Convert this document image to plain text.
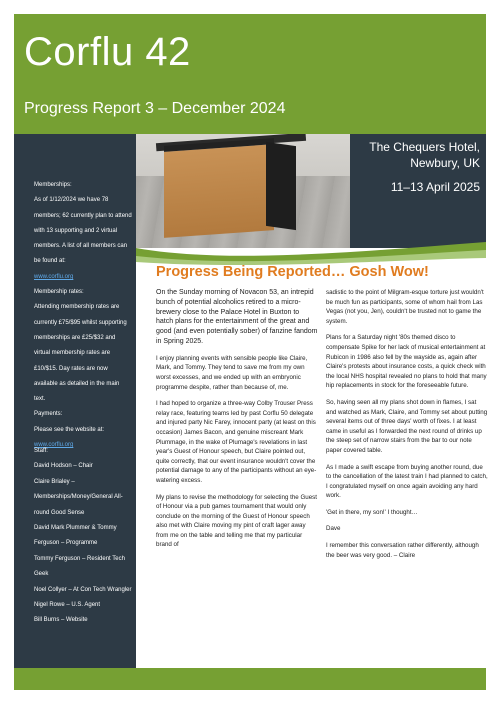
Corflu 42
Progress Report 3 – December 2024
The Chequers Hotel,
Newbury, UK
11–13 April 2025

Memberships:

As of 1/12/2024 we have 78 members; 62 currently plan to attend with 13 supporting and 2 virtual members. A list of all members can be found at:

www.corflu.org

Membership rates:

Attending membership rates are currently £75/$95 whilst supporting memberships are £25/$32 and virtual membership rates are £10/$15. Day rates are now available as detailed in the main text.

Payments:

Please see the website at:

www.corflu.org

Staff:

David Hodson – Chair

Claire Brialey – Memberships/Money/General All-round Good Sense

David Mark Plummer & Tommy Ferguson – Programme

Tommy Ferguson – Resident Tech Geek

Noel Collyer – At Con Tech Wrangler

Nigel Rowe – U.S. Agent

Bill Burns – Website

Progress Being Reported… Gosh Wow!

On the Sunday morning of Novacon 53, an intrepid bunch of potential alcoholics retired to a micro-brewery close to the Palace Hotel in Buxton to hatch plans for the entertainment of the great and good (and even potentially sober) of fanzine fandom in Spring 2025.

I enjoy planning events with sensible people like Claire, Mark, and Tommy. They tend to save me from my own worst excesses, and we ended up with an embryonic programme despite, rather than because of, me.

I had hoped to organize a three-way Colby Trouser Press relay race, featuring teams led by past Corflu 50 delegate and injured party Nic Farey, innocent party (at least on this occasion) James Bacon, and genuine miscreant Mark Plummage, in the wake of Plumage's revelations in last year's Guest of Honour speech, but Claire pointed out, quite correctly, that our event insurance wouldn't cover the potential damage to any of the participants without an eye-watering excess.

My plans to revise the methodology for selecting the Guest of Honour via a pub games tournament that would only conclude on the morning of the Guest of Honour speech also met with Claire moving my pint of craft lager away from me on the table and telling me that my particular brand of

sadistic to the point of Milgram-esque torture just wouldn't be much fun as participants, some of whom hail from Las Vegas (not you, Jen), couldn't be trusted not to game the system.

Plans for a Saturday night '80s themed disco to compensate Spike for her lack of musical entertainment at Rubicon in 1986 also fell by the wayside as, again after Claire's protests about insurance costs, a quick check with the local NHS hospital revealed no plans to hold that many hip replacements in stock for the foreseeable future.

So, having seen all my plans shot down in flames, I sat and watched as Mark, Claire, and Tommy set about putting several items out of three days' worth of fixes. I at least came in useful as I forwarded the next round of drinks up the steep set of narrow stairs from the bar to our note paper covered table.

As I made a swift escape from buying another round, due to the cancellation of the latest train I had planned to catch, I congratulated myself on once again avoiding any hard work.

'Get in there, my son!' I thought…

Dave

I remember this conversation rather differently, although the beer was very good. – Claire
